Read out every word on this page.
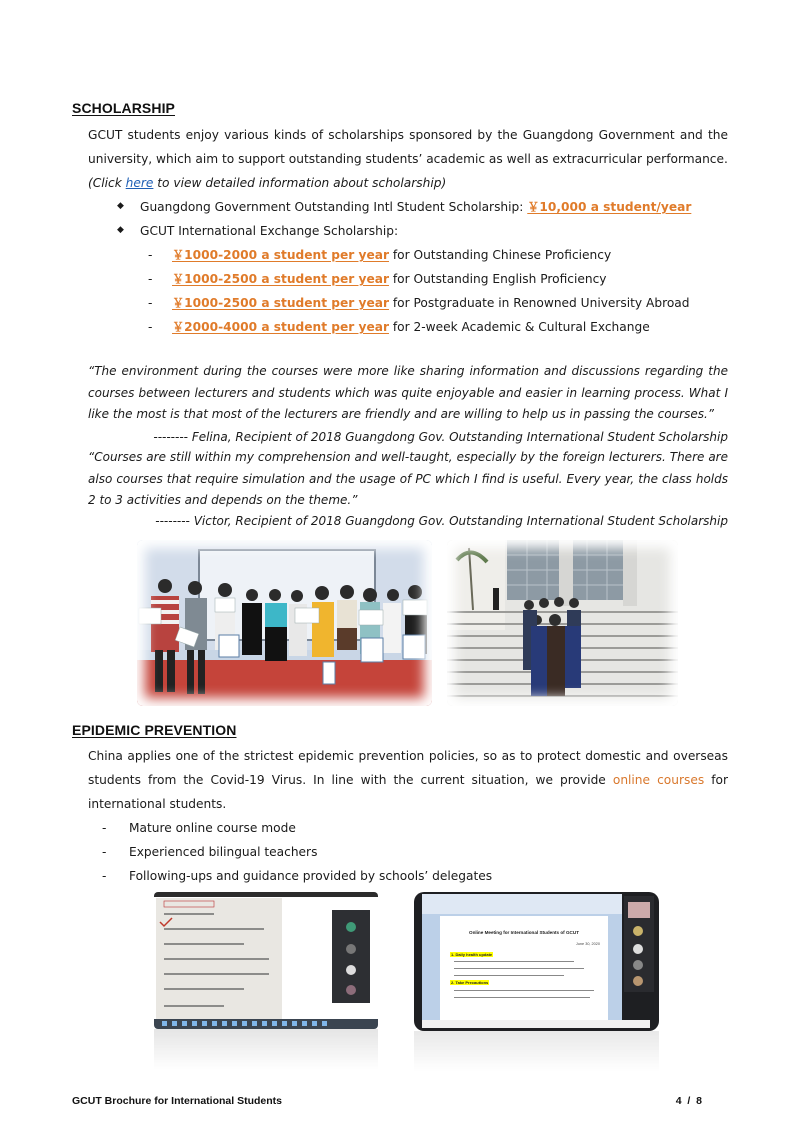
SCHOLARSHIP
GCUT students enjoy various kinds of scholarships sponsored by the Guangdong Government and the
university, which aim to support outstanding students’ academic as well as extracurricular performance.
(Click here to view detailed information about scholarship)
◆ Guangdong Government Outstanding Intl Student Scholarship: ￥10,000 a student/year
◆ GCUT International Exchange Scholarship:
- ￥1000-2000 a student per year for Outstanding Chinese Proficiency
- ￥1000-2500 a student per year for Outstanding English Proficiency
- ￥1000-2500 a student per year for Postgraduate in Renowned University Abroad
- ￥2000-4000 a student per year for 2-week Academic & Cultural Exchange
“The environment during the courses were more like sharing information and discussions regarding the courses between lecturers and students which was quite enjoyable and easier in learning process. What I like the most is that most of the lecturers are friendly and are willing to help us in passing the courses.”
-------- Felina, Recipient of 2018 Guangdong Gov. Outstanding International Student Scholarship
“Courses are still within my comprehension and well-taught, especially by the foreign lecturers. There are also courses that require simulation and the usage of PC which I find is useful. Every year, the class holds 2 to 3 activities and depends on the theme.”
-------- Victor, Recipient of 2018 Guangdong Gov. Outstanding International Student Scholarship
EPIDEMIC PREVENTION
China applies one of the strictest epidemic prevention policies, so as to protect domestic and overseas
students from the Covid-19 Virus. In line with the current situation, we provide online courses for
international students.
- Mature online course mode
- Experienced bilingual teachers
- Following-ups and guidance provided by schools’ delegates
Online Meeting for International Students of GCUT
June 30, 2020
1. Daily health update
2. Take Precautions
GCUT Brochure for International Students	4  /  8
